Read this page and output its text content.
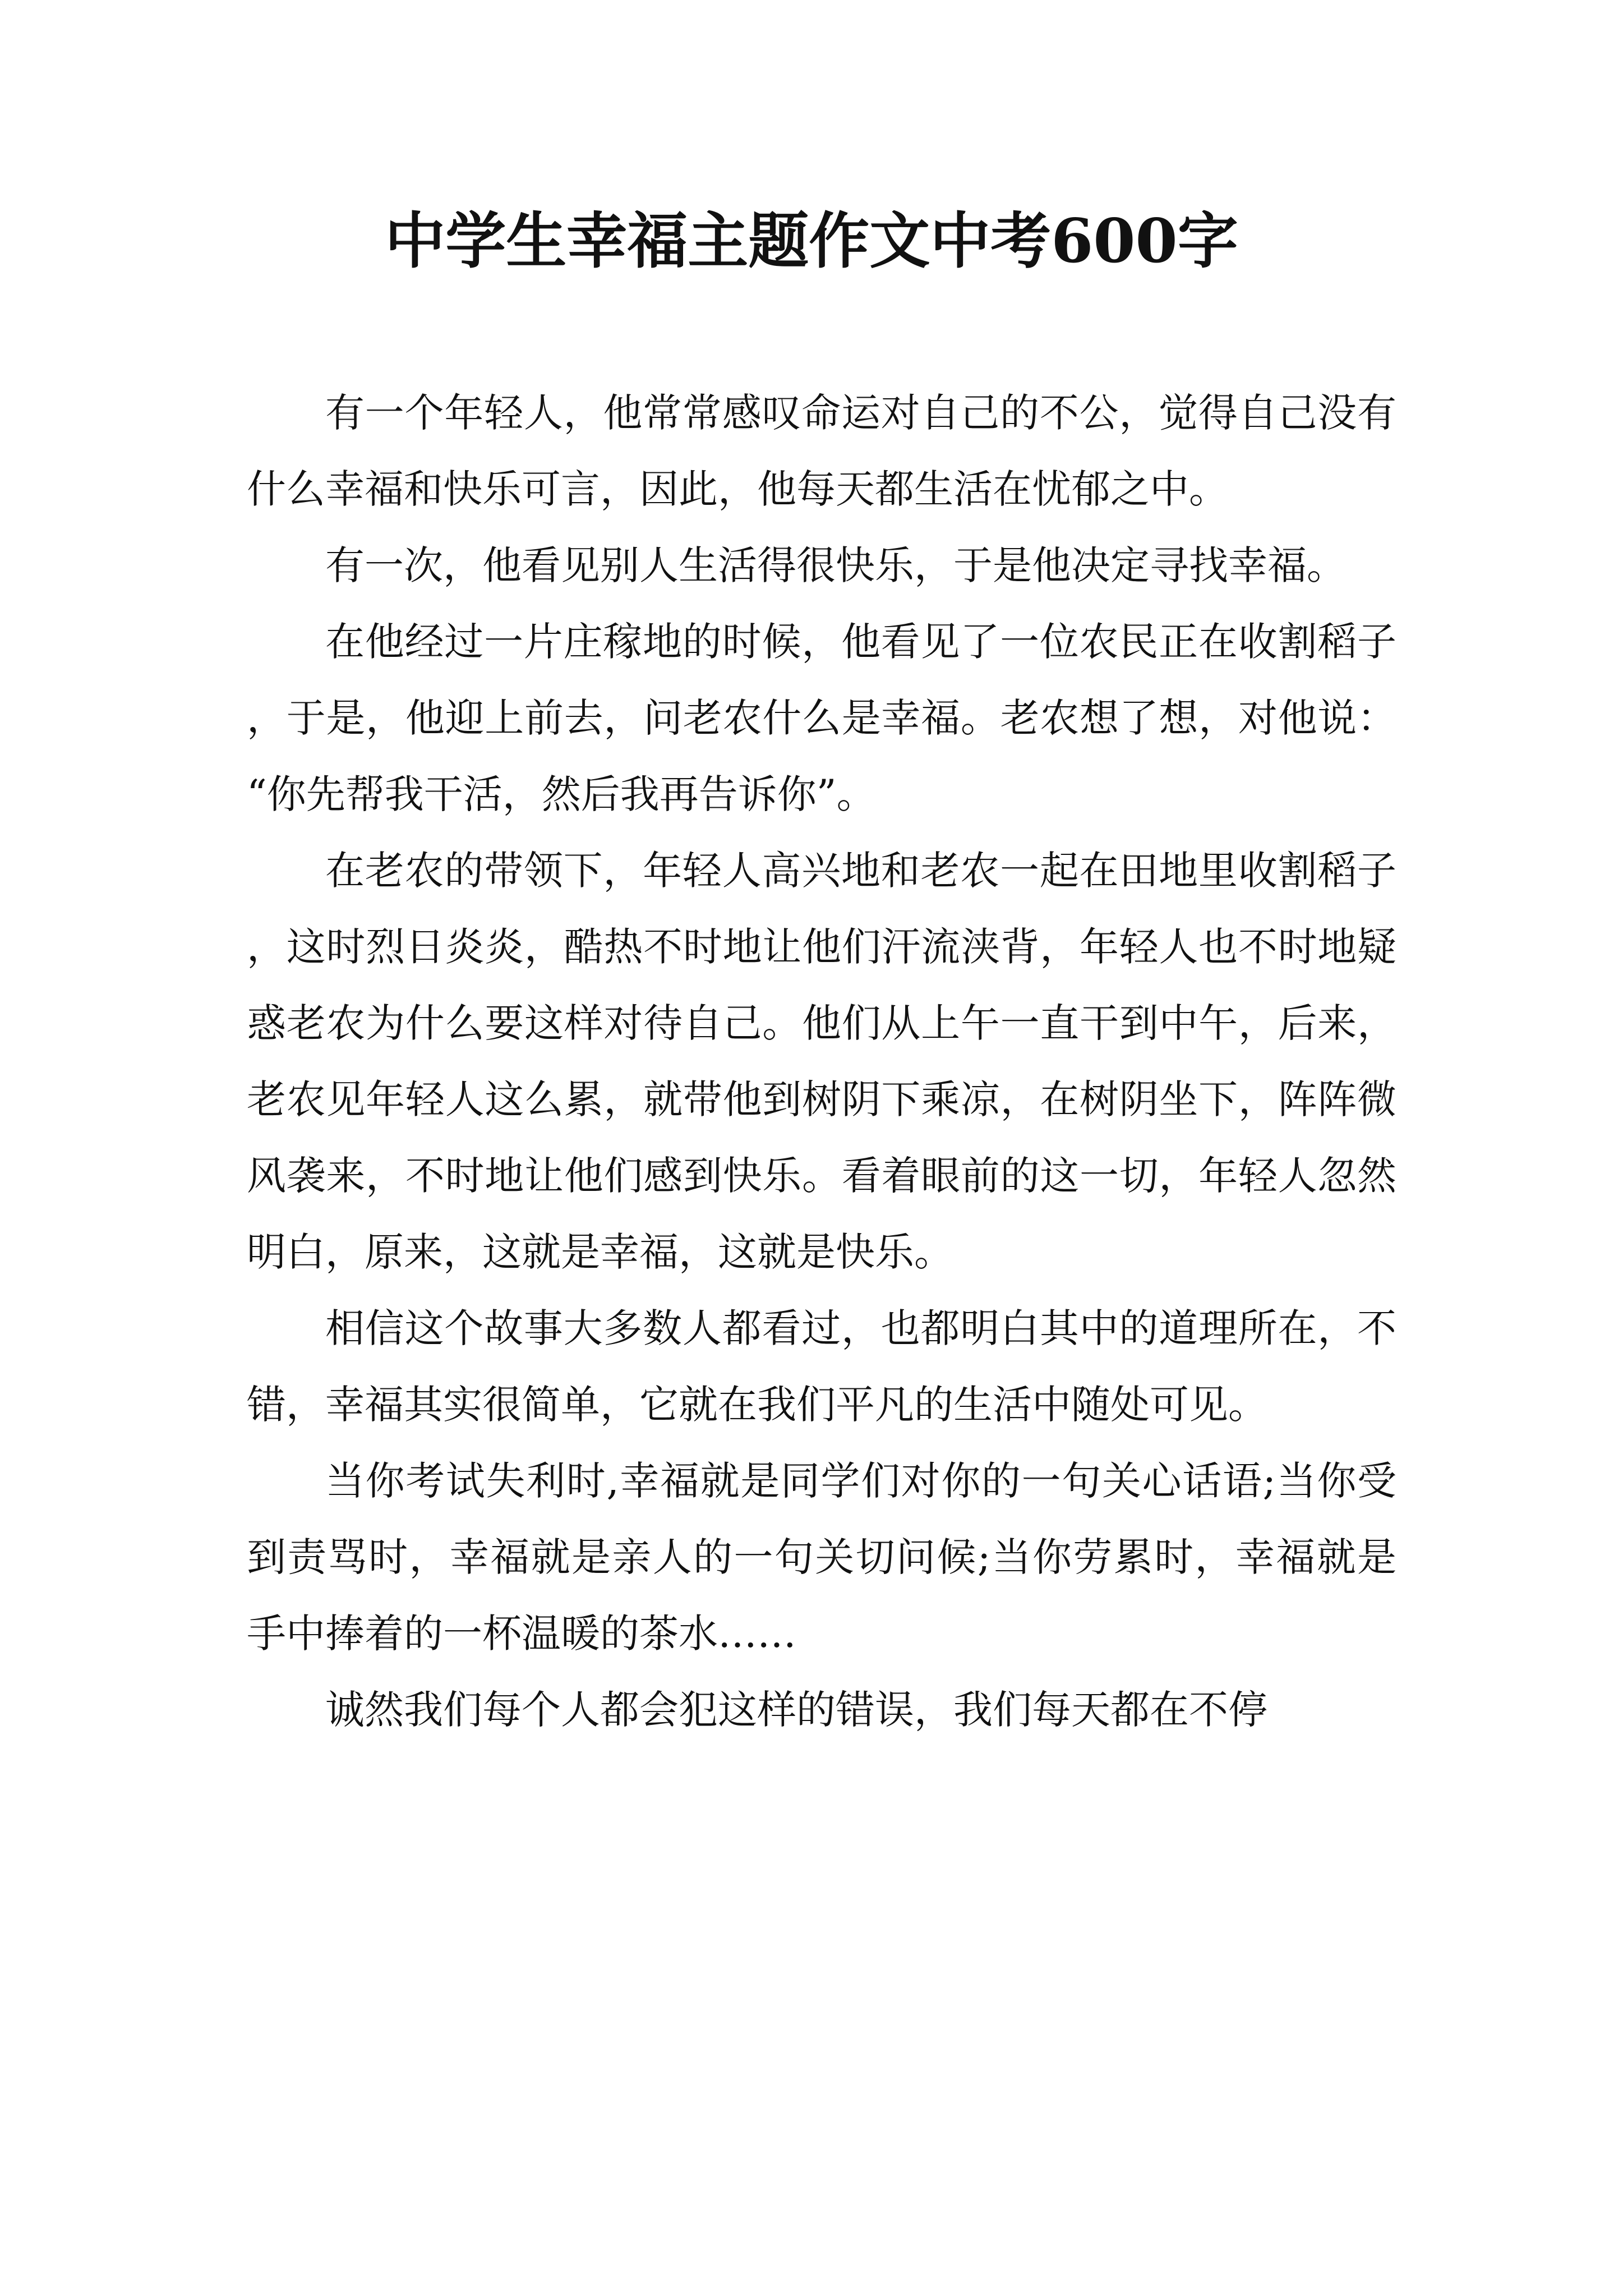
中学生幸福主题作文中考600字

有一个年轻人，他常常感叹命运对自己的不公，觉得自己没有什么幸福和快乐可言，因此，他每天都生活在忧郁之中。

有一次，他看见别人生活得很快乐，于是他决定寻找幸福。

在他经过一片庄稼地的时候，他看见了一位农民正在收割稻子，于是，他迎上前去，问老农什么是幸福。老农想了想，对他说：“你先帮我干活，然后我再告诉你”。

在老农的带领下，年轻人高兴地和老农一起在田地里收割稻子，这时烈日炎炎，酷热不时地让他们汗流浃背，年轻人也不时地疑惑老农为什么要这样对待自己。他们从上午一直干到中午，后来，老农见年轻人这么累，就带他到树阴下乘凉，在树阴坐下，阵阵微风袭来，不时地让他们感到快乐。看着眼前的这一切，年轻人忽然明白，原来，这就是幸福，这就是快乐。

相信这个故事大多数人都看过，也都明白其中的道理所在，不错，幸福其实很简单，它就在我们平凡的生活中随处可见。

当你考试失利时,幸福就是同学们对你的一句关心话语;当你受到责骂时，幸福就是亲人的一句关切问候;当你劳累时，幸福就是手中捧着的一杯温暖的茶水……

诚然我们每个人都会犯这样的错误，我们每天都在不停
